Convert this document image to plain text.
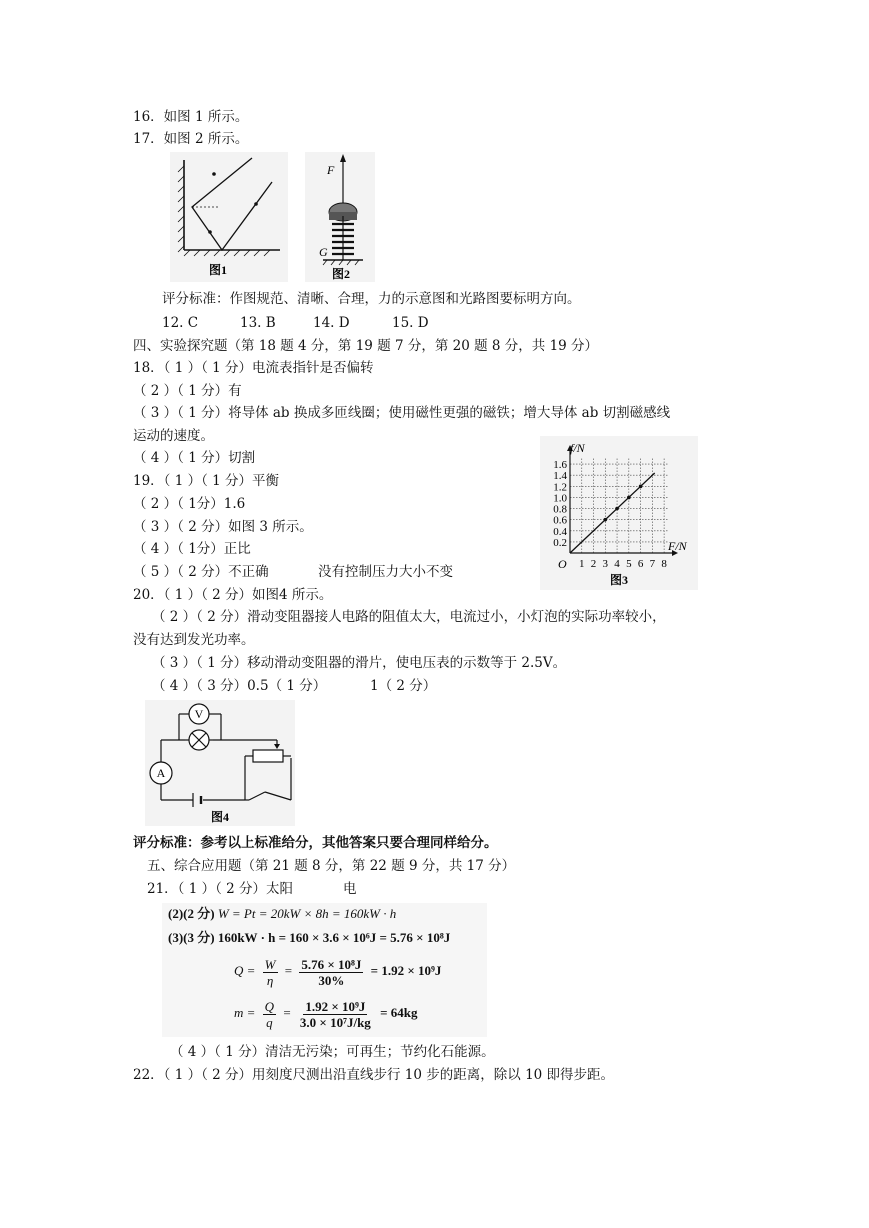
16．如图 1 所示。
17．如图 2 所示。
图1
F
G
图2
评分标准：作图规范、清晰、合理，力的示意图和光路图要标明方向。
12. C	13. B	14. D	15. D
四、实验探究题（第 18 题 4 分，第 19 题 7 分，第 20 题 8 分，共 19 分）
18．（ 1 ）（ 1 分）电流表指针是否偏转
（ 2 ）（ 1 分）有
（ 3 ）（ 1 分）将导体 ab 换成多匝线圈；使用磁性更强的磁铁；增大导体 ab 切割磁感线
运动的速度。
（ 4 ）（ 1 分）切割
19．（ 1 ）（ 1 分）平衡
（ 2 ）（ 1分）1.6
（ 3 ）（ 2 分）如图 3 所示。
（ 4 ）（ 1分）正比
（ 5 ）（ 2 分）不正确	没有控制压力大小不变	1 2 3 4 5 6 7 8
0.2
0.4
0.6
0.8
1.0
1.2
1.4
1.6
f/N
F/N
O
图3
20．（ 1 ）（ 2 分）如图4 所示。
（ 2 ）（ 2 分）滑动变阻器接人电路的阻值太大，电流过小，小灯泡的实际功率较小，
没有达到发光功率。
（ 3 ）（ 1 分）移动滑动变阻器的滑片，使电压表的示数等于 2.5V。
（ 4 ）（ 3 分）0.5（ 1 分）	1（ 2 分）
V
A
图4
评分标准：参考以上标准给分，其他答案只要合理同样给分。
五、综合应用题（第 21 题 8 分，第 22 题 9 分，共 17 分）
21．（ 1 ）（ 2 分）太阳	电
(2)(2 分) W = Pt = 20kW × 8h = 160kW · h
(3)(3 分) 160kW · h = 160 × 3.6 × 10⁶J = 5.76 × 10⁸J
$Q = \frac{W}{\eta} = \frac{\text{5.76 × 10⁸J}}{30\%} = 1.92 \times 10^9J$
$m = \frac{Q}{q} = \frac{\text{1.92 × 10⁹J}}{\text{3.0 × 10⁷J/kg}} = 64kg$
（ 4 ）（ 1 分）清洁无污染；可再生；节约化石能源。
22．（ 1 ）（ 2 分）用刻度尺测出沿直线步行 10 步的距离，除以 10 即得步距。
